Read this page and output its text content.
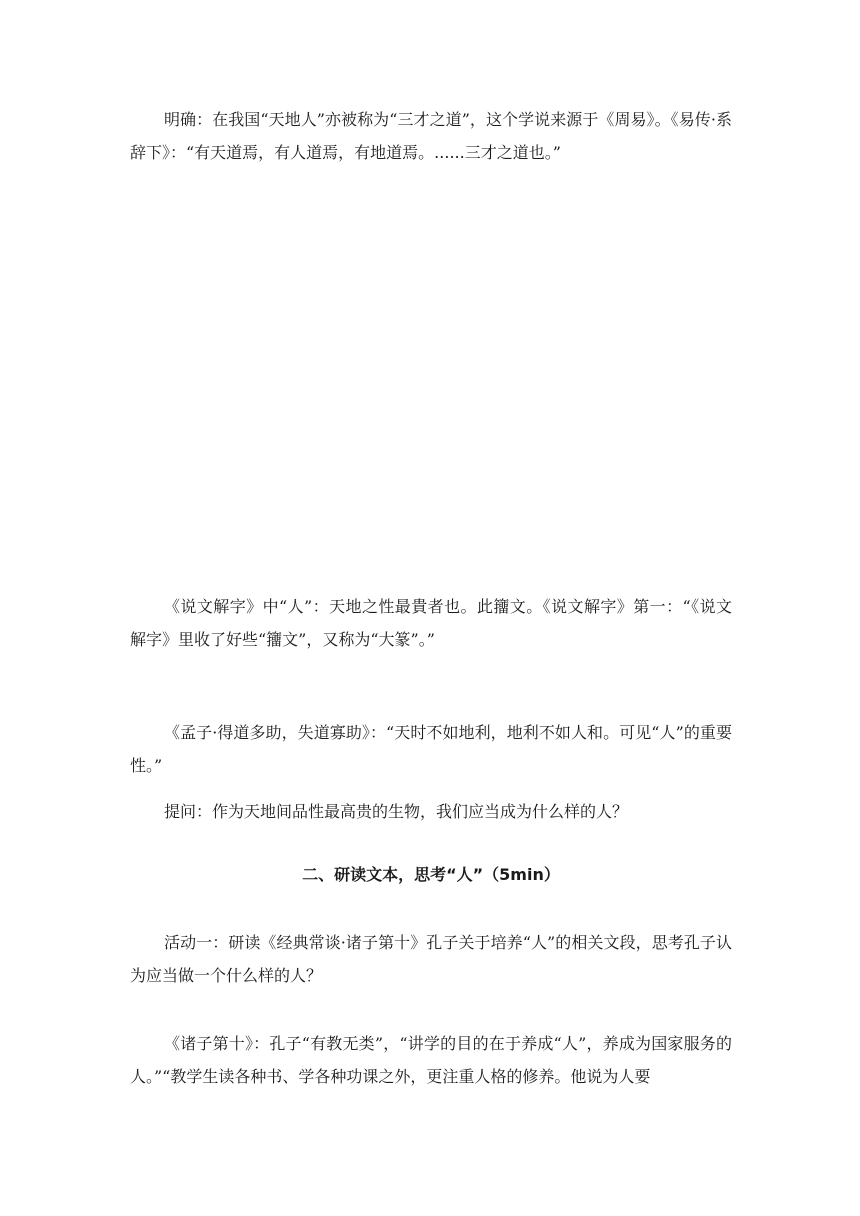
明确：在我国“天地人”亦被称为“三才之道”，这个学说来源于《周易》。《易传·系辞下》：“有天道焉，有人道焉，有地道焉。......三才之道也。”

《说文解字》中“人”：天地之性最貴者也。此籒文。《说文解字》第一：“《说文解字》里收了好些“籒文”，又称为“大篆”。”

《孟子·得道多助，失道寡助》：“天时不如地利，地利不如人和。可见“人”的重要性。”

提问：作为天地间品性最高贵的生物，我们应当成为什么样的人？

二、研读文本，思考“人”（5min）

活动一：研读《经典常谈·诸子第十》孔子关于培养“人”的相关文段，思考孔子认为应当做一个什么样的人？

《诸子第十》：孔子“有教无类”，“讲学的目的在于养成“人”，养成为国家服务的人。”“教学生读各种书、学各种功课之外，更注重人格的修养。他说为人要
